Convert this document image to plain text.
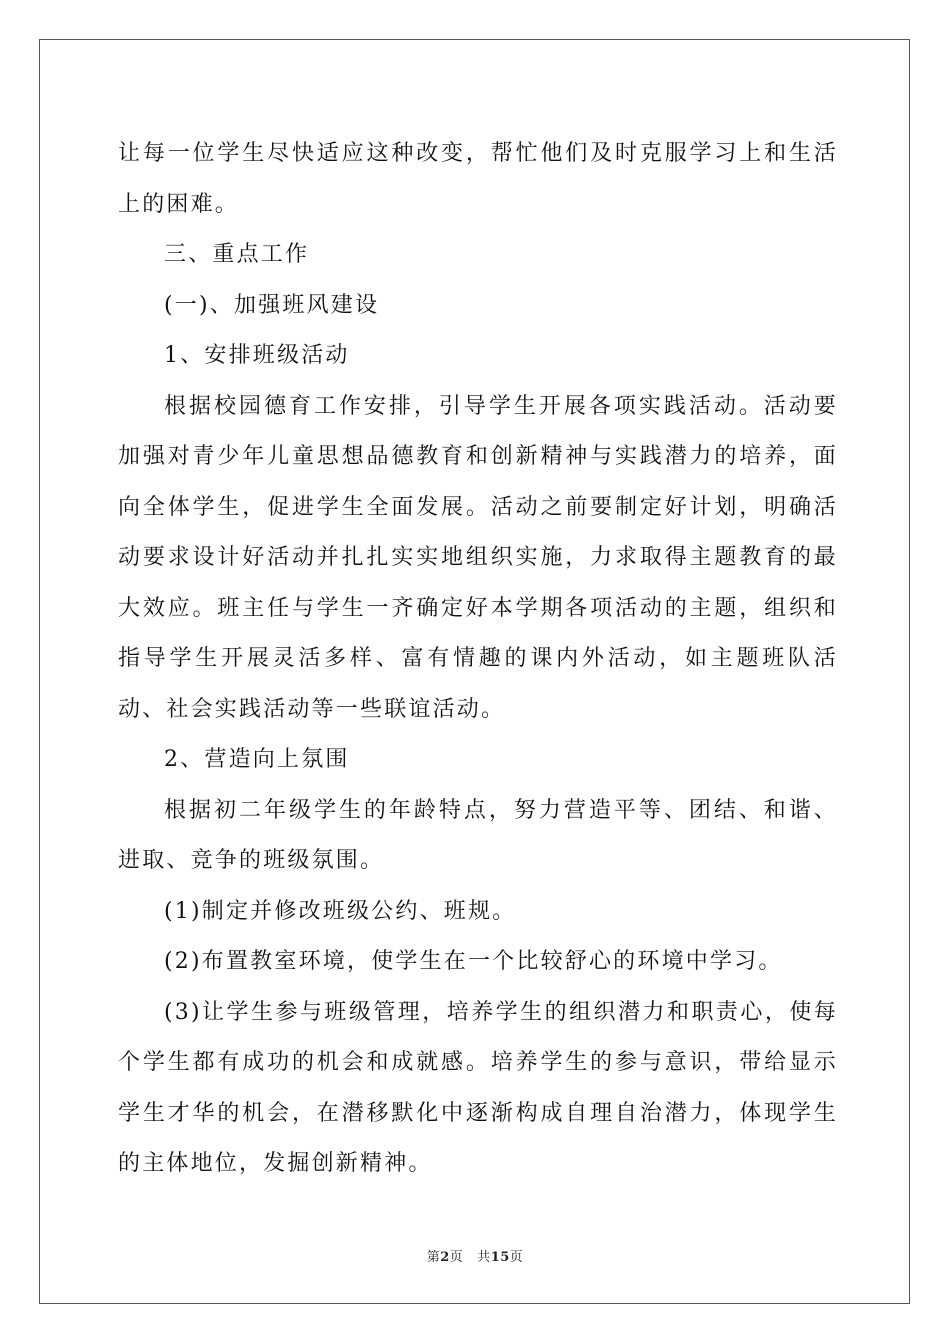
让每一位学生尽快适应这种改变，帮忙他们及时克服学习上和生活上的困难。

三、重点工作

(一)、加强班风建设

1、安排班级活动

根据校园德育工作安排，引导学生开展各项实践活动。活动要加强对青少年儿童思想品德教育和创新精神与实践潜力的培养，面向全体学生，促进学生全面发展。活动之前要制定好计划，明确活动要求设计好活动并扎扎实实地组织实施，力求取得主题教育的最大效应。班主任与学生一齐确定好本学期各项活动的主题，组织和指导学生开展灵活多样、富有情趣的课内外活动，如主题班队活动、社会实践活动等一些联谊活动。

2、营造向上氛围

根据初二年级学生的年龄特点，努力营造平等、团结、和谐、进取、竞争的班级氛围。

(1)制定并修改班级公约、班规。

(2)布置教室环境，使学生在一个比较舒心的环境中学习。

(3)让学生参与班级管理，培养学生的组织潜力和职责心，使每个学生都有成功的机会和成就感。培养学生的参与意识，带给显示学生才华的机会，在潜移默化中逐渐构成自理自治潜力，体现学生的主体地位，发掘创新精神。

第2页 共15页
